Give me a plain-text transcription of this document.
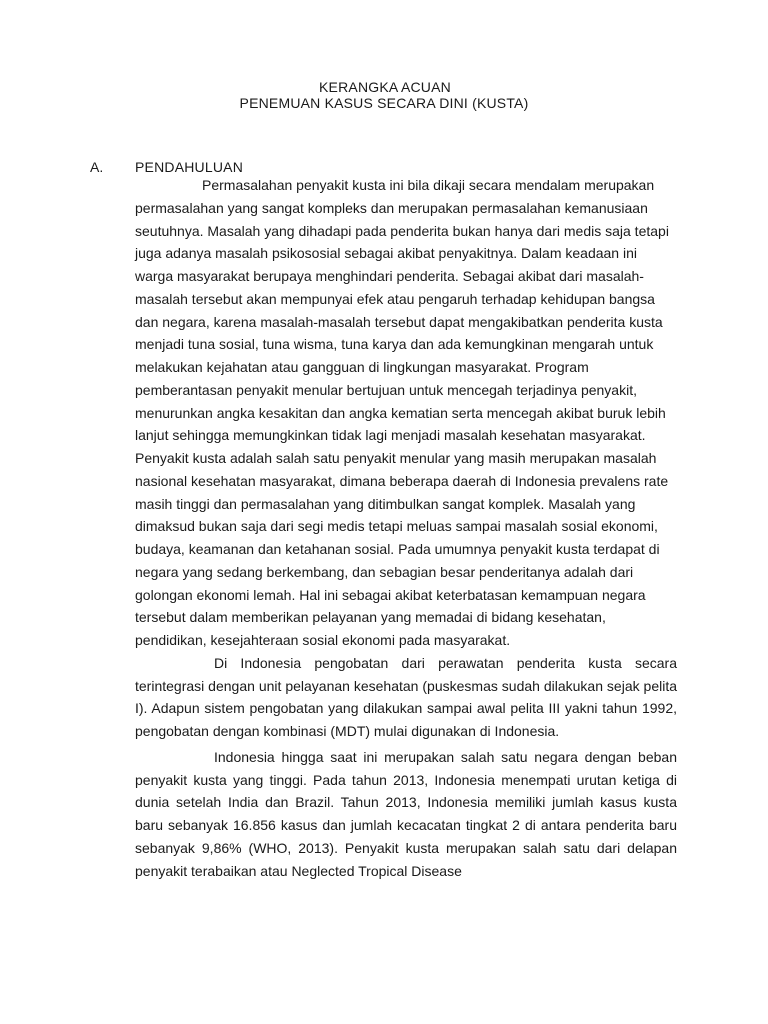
KERANGKA ACUAN
PENEMUAN KASUS SECARA DINI (KUSTA)
A. PENDAHULUAN

Permasalahan penyakit kusta ini bila dikaji secara mendalam merupakan permasalahan yang sangat kompleks dan merupakan permasalahan kemanusiaan seutuhnya. Masalah yang dihadapi pada penderita bukan hanya dari medis saja tetapi juga adanya masalah psikososial sebagai akibat penyakitnya. Dalam keadaan ini warga masyarakat berupaya menghindari penderita. Sebagai akibat dari masalah-masalah tersebut akan mempunyai efek atau pengaruh terhadap kehidupan bangsa dan negara, karena masalah-masalah tersebut dapat mengakibatkan penderita kusta menjadi tuna sosial, tuna wisma, tuna karya dan ada kemungkinan mengarah untuk melakukan kejahatan atau gangguan di lingkungan masyarakat. Program pemberantasan penyakit menular bertujuan untuk mencegah terjadinya penyakit, menurunkan angka kesakitan dan angka kematian serta mencegah akibat buruk lebih lanjut sehingga memungkinkan tidak lagi menjadi masalah kesehatan masyarakat. Penyakit kusta adalah salah satu penyakit menular yang masih merupakan masalah nasional kesehatan masyarakat, dimana beberapa daerah di Indonesia prevalens rate masih tinggi dan permasalahan yang ditimbulkan sangat komplek. Masalah yang dimaksud bukan saja dari segi medis tetapi meluas sampai masalah sosial ekonomi, budaya, keamanan dan ketahanan sosial. Pada umumnya penyakit kusta terdapat di negara yang sedang berkembang, dan sebagian besar penderitanya adalah dari golongan ekonomi lemah. Hal ini sebagai akibat keterbatasan kemampuan negara tersebut dalam memberikan pelayanan yang memadai di bidang kesehatan, pendidikan, kesejahteraan sosial ekonomi pada masyarakat.

Di Indonesia pengobatan dari perawatan penderita kusta secara terintegrasi dengan unit pelayanan kesehatan (puskesmas sudah dilakukan sejak pelita I). Adapun sistem pengobatan yang dilakukan sampai awal pelita III yakni tahun 1992, pengobatan dengan kombinasi (MDT) mulai digunakan di Indonesia.

Indonesia hingga saat ini merupakan salah satu negara dengan beban penyakit kusta yang tinggi. Pada tahun 2013, Indonesia menempati urutan ketiga di dunia setelah India dan Brazil. Tahun 2013, Indonesia memiliki jumlah kasus kusta baru sebanyak 16.856 kasus dan jumlah kecacatan tingkat 2 di antara penderita baru sebanyak 9,86% (WHO, 2013). Penyakit kusta merupakan salah satu dari delapan penyakit terabaikan atau Neglected Tropical Disease
